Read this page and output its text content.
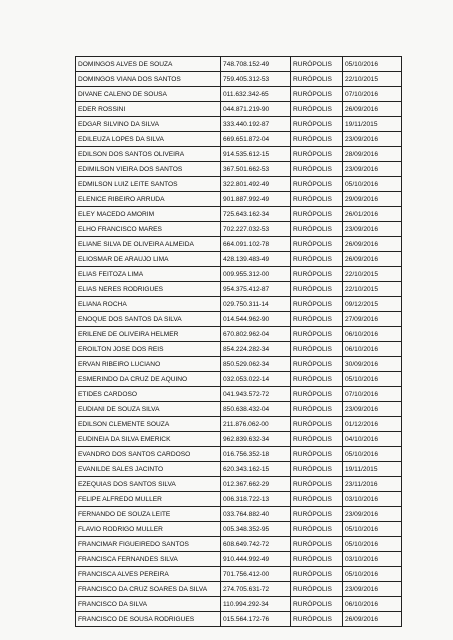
DOMINGOS ALVES DE SOUZA	748.708.152-49	RURÓPOLIS	05/10/2016
DOMINGOS VIANA DOS SANTOS	759.405.312-53	RURÓPOLIS	22/10/2015
DIVANE CALENO DE SOUSA	011.632.342-65	RURÓPOLIS	07/10/2016
EDER ROSSINI	044.871.219-90	RURÓPOLIS	26/09/2016
EDGAR SILVINO DA SILVA	333.440.192-87	RURÓPOLIS	19/11/2015
EDILEUZA LOPES DA SILVA	669.651.872-04	RURÓPOLIS	23/09/2016
EDILSON DOS SANTOS OLIVEIRA	914.535.612-15	RURÓPOLIS	28/09/2016
EDIMILSON VIEIRA DOS SANTOS	367.501.662-53	RURÓPOLIS	23/09/2016
EDMILSON LUIZ LEITE SANTOS	322.801.492-49	RURÓPOLIS	05/10/2016
ELENICE RIBEIRO ARRUDA	901.887.992-49	RURÓPOLIS	29/09/2016
ELEY MACEDO AMORIM	725.643.162-34	RURÓPOLIS	26/01/2016
ELHO FRANCISCO MARES	702.227.032-53	RURÓPOLIS	23/09/2016
ELIANE SILVA DE OLIVEIRA ALMEIDA	664.091.102-78	RURÓPOLIS	26/09/2016
ELIOSMAR DE ARAUJO LIMA	428.139.483-49	RURÓPOLIS	26/09/2016
ELIAS FEITOZA LIMA	009.955.312-00	RURÓPOLIS	22/10/2015
ELIAS NERES RODRIGUES	954.375.412-87	RURÓPOLIS	22/10/2015
ELIANA ROCHA	029.750.311-14	RURÓPOLIS	09/12/2015
ENOQUE DOS SANTOS DA SILVA	014.544.962-90	RURÓPOLIS	27/09/2016
ERILENE DE OLIVEIRA HELMER	670.802.962-04	RURÓPOLIS	06/10/2016
EROILTON JOSE DOS REIS	854.224.282-34	RURÓPOLIS	06/10/2016
ERVAN RIBEIRO LUCIANO	850.529.062-34	RURÓPOLIS	30/09/2016
ESMERINDO DA CRUZ DE AQUINO	032.053.022-14	RURÓPOLIS	05/10/2016
ETIDES CARDOSO	041.943.572-72	RURÓPOLIS	07/10/2016
EUDIANI DE SOUZA SILVA	850.638.432-04	RURÓPOLIS	23/09/2016
EDILSON CLEMENTE SOUZA	211.876.062-00	RURÓPOLIS	01/12/2016
EUDINEIA DA SILVA EMERICK	962.839.632-34	RURÓPOLIS	04/10/2016
EVANDRO DOS SANTOS CARDOSO	016.756.352-18	RURÓPOLIS	05/10/2016
EVANILDE SALES JACINTO	620.343.162-15	RURÓPOLIS	19/11/2015
EZEQUIAS DOS SANTOS SILVA	012.367.662-29	RURÓPOLIS	23/11/2016
FELIPE ALFREDO MULLER	006.318.722-13	RURÓPOLIS	03/10/2016
FERNANDO DE SOUZA LEITE	033.764.882-40	RURÓPOLIS	23/09/2016
FLAVIO RODRIGO MULLER	005.348.352-95	RURÓPOLIS	05/10/2016
FRANCIMAR FIGUEIREDO SANTOS	608.649.742-72	RURÓPOLIS	05/10/2016
FRANCISCA FERNANDES SILVA	910.444.992-49	RURÓPOLIS	03/10/2016
FRANCISCA ALVES PEREIRA	701.756.412-00	RURÓPOLIS	05/10/2016
FRANCISCO DA CRUZ SOARES DA SILVA	274.705.631-72	RURÓPOLIS	23/09/2016
FRANCISCO DA SILVA	110.994.292-34	RURÓPOLIS	06/10/2016
FRANCISCO DE SOUSA RODRIGUES	015.564.172-76	RURÓPOLIS	26/09/2016
